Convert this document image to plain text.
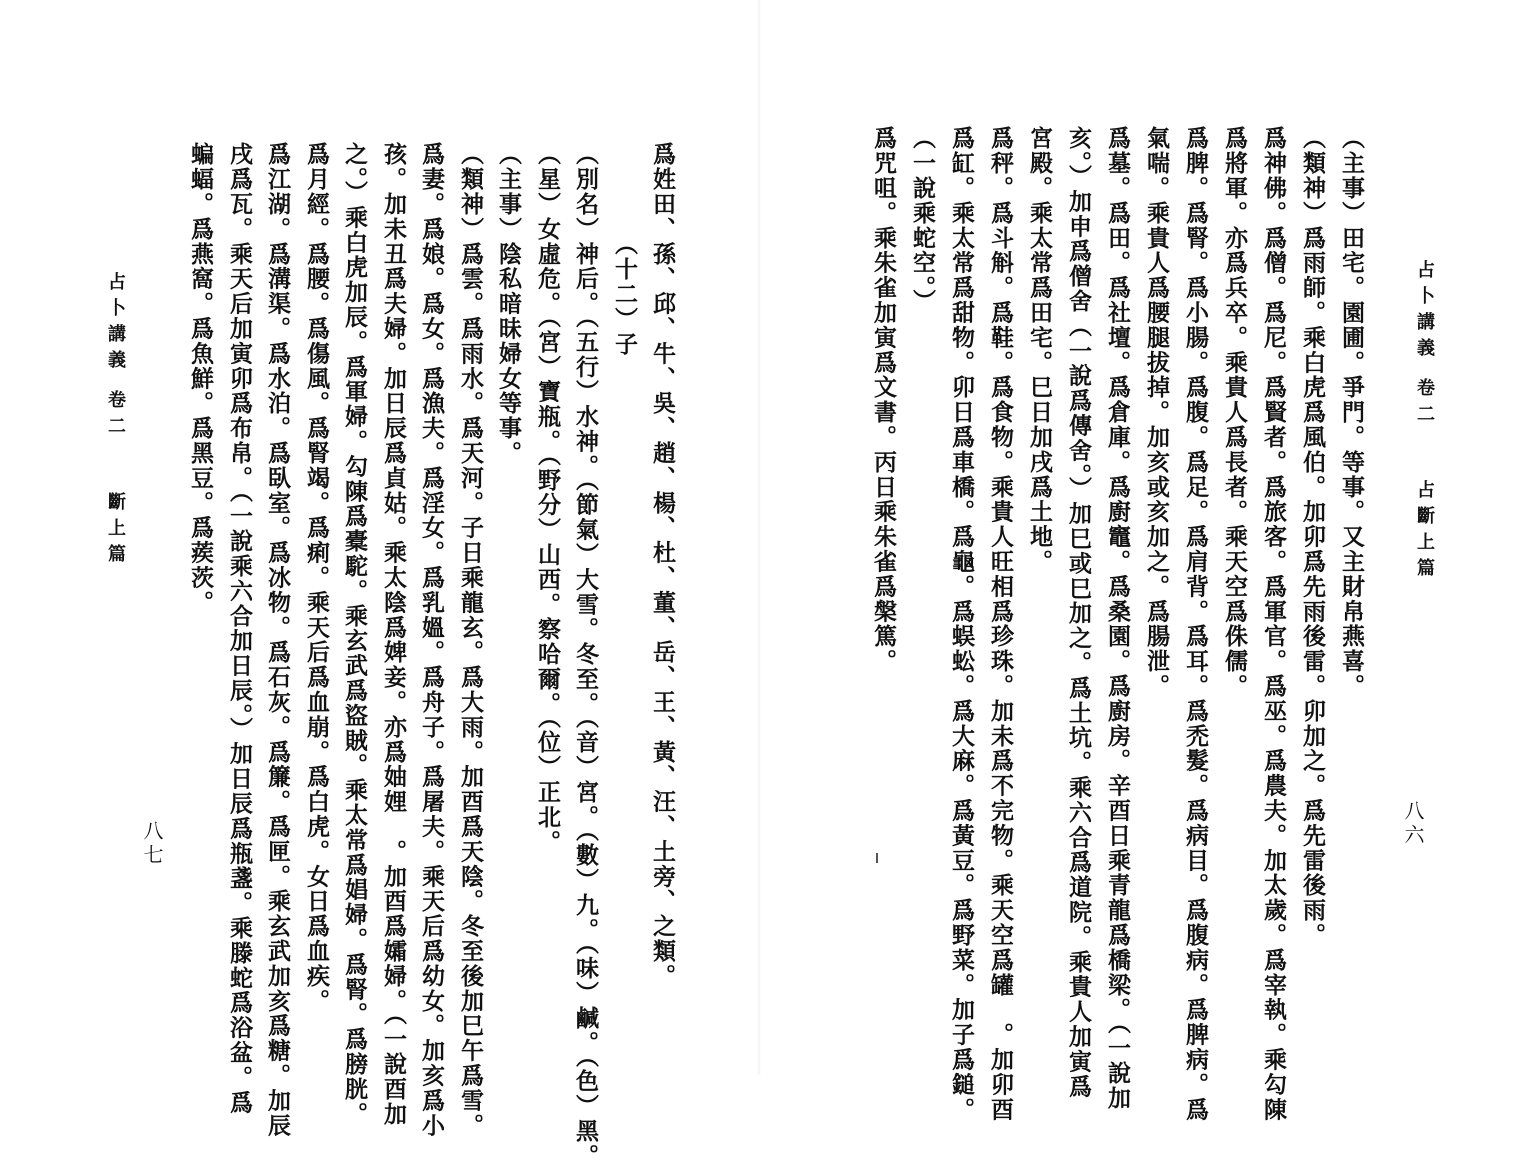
占卜講義卷二斷上篇
八七	爲姓田、孫、邱、牛、吳、趙、楊、杜、董、岳、王、黃、汪、土旁、之類。
（十二）子
（別名）神后。（五行）水神。（節氣）大雪。冬至。（音）宮。（數）九。（味）鹹。（色）黑。
（星）女虛危。（宮）寶瓶。（野分）山西。察哈爾。（位）正北。
（主事）陰私暗昧婦女等事。
（類神）爲雲。爲雨水。爲天河。子日乘龍玄。爲大雨。加酉爲天陰。冬至後加巳午爲雪。
爲妻。爲娘。爲女。爲漁夫。爲淫女。爲乳媼。爲舟子。爲屠夫。乘天后爲幼女。加亥爲小
孩。加未丑爲夫婦。加日辰爲貞姑。乘太陰爲婢妾。亦爲妯娌　。加酉爲孀婦。（一說酉加
之。）乘白虎加辰。爲軍婦。勾陳爲橐駝。乘玄武爲盜賊。乘太常爲娼婦。爲腎。爲膀胱。
爲月經。爲腰。爲傷風。爲腎竭。爲痢。乘天后爲血崩。爲白虎。女日爲血疾。
爲江湖。爲溝渠。爲水泊。爲臥室。爲冰物。爲石灰。爲簾。爲匣。乘玄武加亥爲糖。加辰
戌爲瓦。乘天后加寅卯爲布帛。（一說乘六合加日辰。）加日辰爲瓶盞。乘滕蛇爲浴盆。爲
蝙蝠。爲燕窩。爲魚鮮。爲黑豆。爲蒺茨。	占卜講義卷二占斷上篇
八六
（主事）田宅。園圃。爭門。等事。又主財帛燕喜。
（類神）爲雨師。乘白虎爲風伯。加卯爲先雨後雷。卯加之。爲先雷後雨。
爲神佛。爲僧。爲尼。爲賢者。爲旅客。爲軍官。爲巫。爲農夫。加太歲。爲宰執。乘勾陳
爲將軍。亦爲兵卒。乘貴人爲長者。乘天空爲侏儒。
爲脾。爲腎。爲小腸。爲腹。爲足。爲肩背。爲耳。爲禿髮。爲病目。爲腹病。爲脾病。爲
氣喘。乘貴人爲腰腿拔掉。加亥或亥加之。爲腸泄。
爲墓。爲田。爲社壇。爲倉庫。爲廚竈。爲桑園。爲廚房。辛酉日乘青龍爲橋梁。（一說加
亥。）加申爲僧舍（一說爲傳舍。）加巳或巳加之。爲土坑。乘六合爲道院。乘貴人加寅爲
宮殿。乘太常爲田宅。巳日加戌爲土地。
爲秤。爲斗斛。爲鞋。爲食物。乘貴人旺相爲珍珠。加未爲不完物。乘天空爲罐　。加卯酉
爲缸。乘太常爲甜物。卯日爲車橋。爲龜。爲蜈蚣。爲大麻。爲黃豆。爲野菜。加子爲鎚。
（一說乘蛇空。）
爲咒咀。乘朱雀加寅爲文書。丙日乘朱雀爲槃篤。
